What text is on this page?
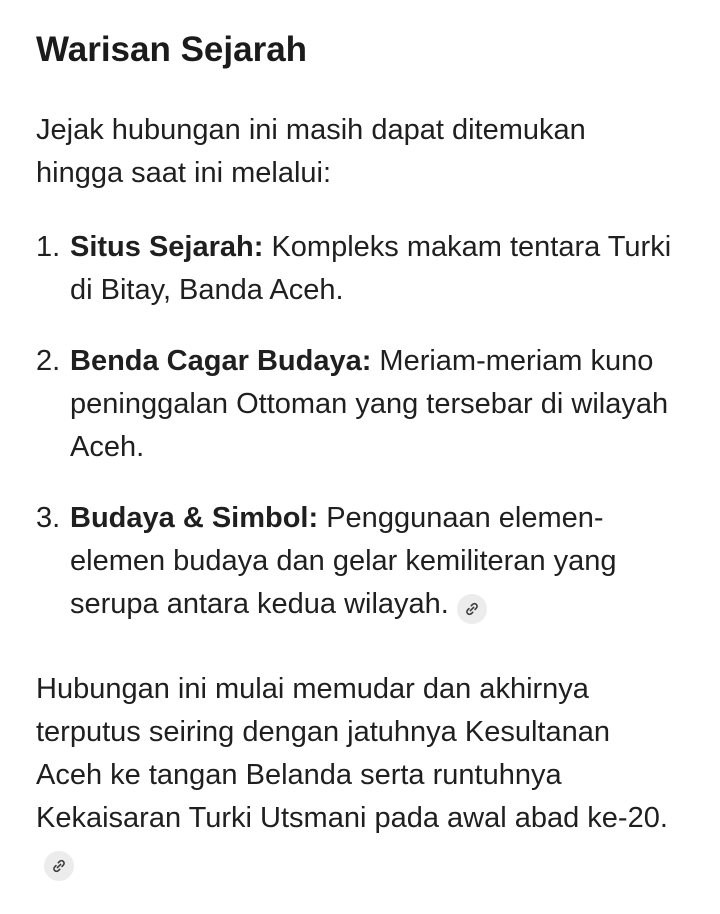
Warisan Sejarah

Jejak hubungan ini masih dapat ditemukan hingga saat ini melalui:

1. Situs Sejarah: Kompleks makam tentara Turki di Bitay, Banda Aceh.
2. Benda Cagar Budaya: Meriam-meriam kuno peninggalan Ottoman yang tersebar di wilayah Aceh.
3. Budaya & Simbol: Penggunaan elemen-elemen budaya dan gelar kemiliteran yang serupa antara kedua wilayah.

Hubungan ini mulai memudar dan akhirnya terputus seiring dengan jatuhnya Kesultanan Aceh ke tangan Belanda serta runtuhnya Kekaisaran Turki Utsmani pada awal abad ke-20.
